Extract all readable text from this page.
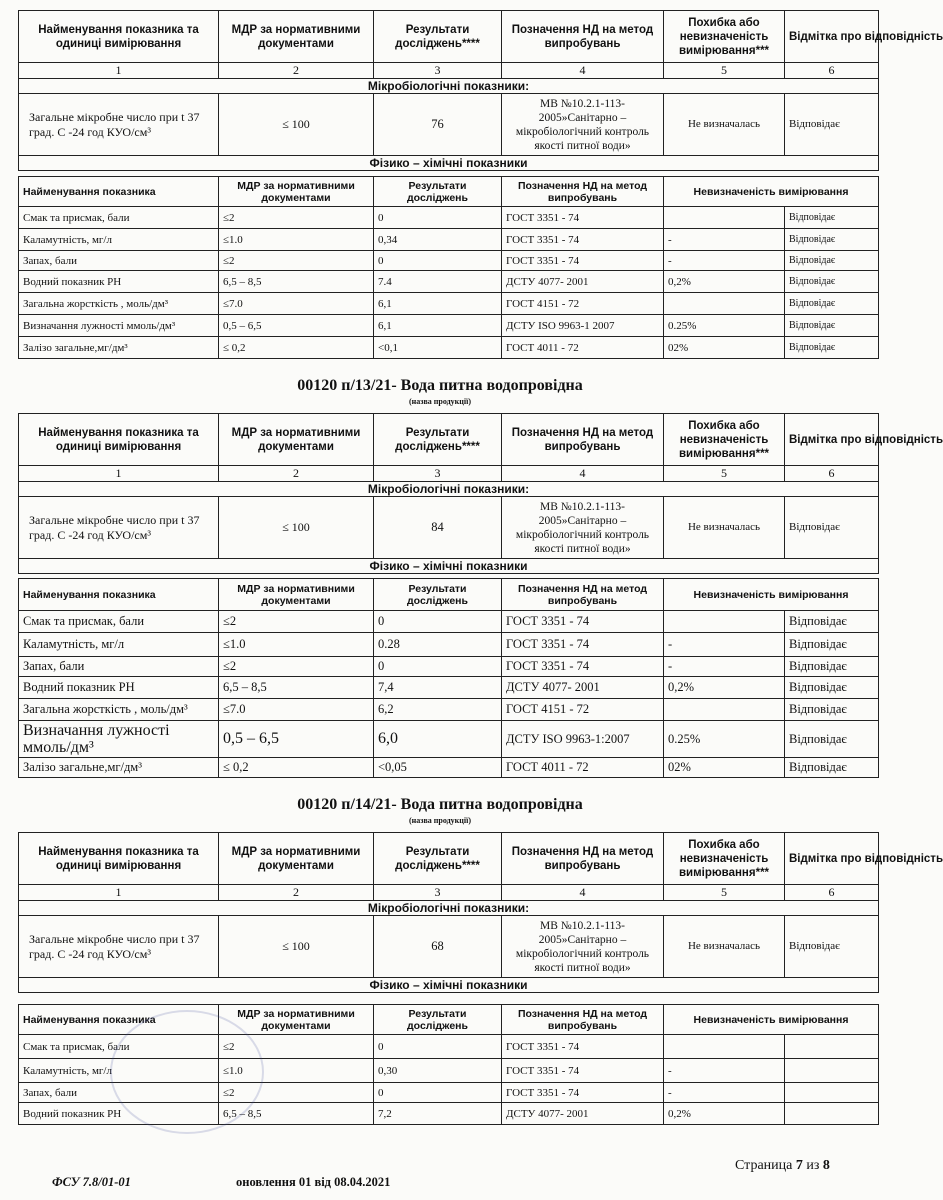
Найменування показника та одиниці вимірювання	МДР за нормативними документами	Результати досліджень****	Позначення НД на метод випробувань	Похибка або невизначеність вимірювання***	Відмітка про відповідність
1	2	3	4	5	6
Мікробіологічні показники:					
Загальне мікробне число при t 37 град. С -24 год КУО/см³	≤ 100	76	МВ №10.2.1-113-2005»Санітарно – мікробіологічний контроль якості питної води»	Не визначалась	Відповідає
Фізико – хімічні показники					
Найменування показника	МДР за нормативними документами	Результати досліджень	Позначення НД на метод випробувань	Невизначеність вимірювання	
Смак та присмак, бали	≤2	0	ГОСТ 3351 - 74		Відповідає
Каламутність, мг/л	≤1.0	0,34	ГОСТ 3351 - 74	-	Відповідає
Запах, бали	≤2	0	ГОСТ 3351 - 74	-	Відповідає
Водний показник РН	6,5 – 8,5	7.4	ДСТУ 4077- 2001	0,2%	Відповідає
Загальна жорсткість , моль/дм³	≤7.0	6,1	ГОСТ 4151 - 72		Відповідає
Визначання лужності ммоль/дм³	0,5 – 6,5	6,1	ДСТУ ISO 9963-1 2007	0.25%	Відповідає
Залізо загальне,мг/дм³	≤ 0,2	<0,1	ГОСТ 4011 - 72	02%	Відповідає
00120 п/13/21- Вода питна водопровідна
(назва продукції)
Найменування показника та одиниці вимірювання	МДР за нормативними документами	Результати досліджень****	Позначення НД на метод випробувань	Похибка або невизначеність вимірювання***	Відмітка про відповідність
1	2	3	4	5	6
Мікробіологічні показники:					
Загальне мікробне число при t 37 град. С -24 год КУО/см³	≤ 100	84	МВ №10.2.1-113-2005»Санітарно – мікробіологічний контроль якості питної води»	Не визначалась	Відповідає
Фізико – хімічні показники					
Найменування показника	МДР за нормативними документами	Результати досліджень	Позначення НД на метод випробувань	Невизначеність вимірювання	
Смак та присмак, бали	≤2	0	ГОСТ 3351 - 74		Відповідає
Каламутність, мг/л	≤1.0	0.28	ГОСТ 3351 - 74	-	Відповідає
Запах, бали	≤2	0	ГОСТ 3351 - 74	-	Відповідає
Водний показник РН	6,5 – 8,5	7,4	ДСТУ 4077- 2001	0,2%	Відповідає
Загальна жорсткість , моль/дм³	≤7.0	6,2	ГОСТ 4151 - 72		Відповідає
Визначання лужності ммоль/дм³	0,5 – 6,5	6,0	ДСТУ ISO 9963-1:2007	0.25%	Відповідає
Залізо загальне,мг/дм³	≤ 0,2	<0,05	ГОСТ 4011 - 72	02%	Відповідає
00120 п/14/21- Вода питна водопровідна
(назва продукції)
Найменування показника та одиниці вимірювання	МДР за нормативними документами	Результати досліджень****	Позначення НД на метод випробувань	Похибка або невизначеність вимірювання***	Відмітка про відповідність
1	2	3	4	5	6
Мікробіологічні показники:					
Загальне мікробне число при t 37 град. С -24 год КУО/см³	≤ 100	68	МВ №10.2.1-113-2005»Санітарно – мікробіологічний контроль якості питної води»	Не визначалась	Відповідає
Фізико – хімічні показники					
Найменування показника	МДР за нормативними документами	Результати досліджень	Позначення НД на метод випробувань	Невизначеність вимірювання	
Смак та присмак, бали	≤2	0	ГОСТ 3351 - 74		
Каламутність, мг/л	≤1.0	0,30	ГОСТ 3351 - 74	-	
Запах, бали	≤2	0	ГОСТ 3351 - 74	-	
Водний показник РН	6,5 – 8,5	7,2	ДСТУ 4077- 2001	0,2%	
ФСУ 7.8/01-01	оновлення 01 від 08.04.2021
Страница 7 из 8
